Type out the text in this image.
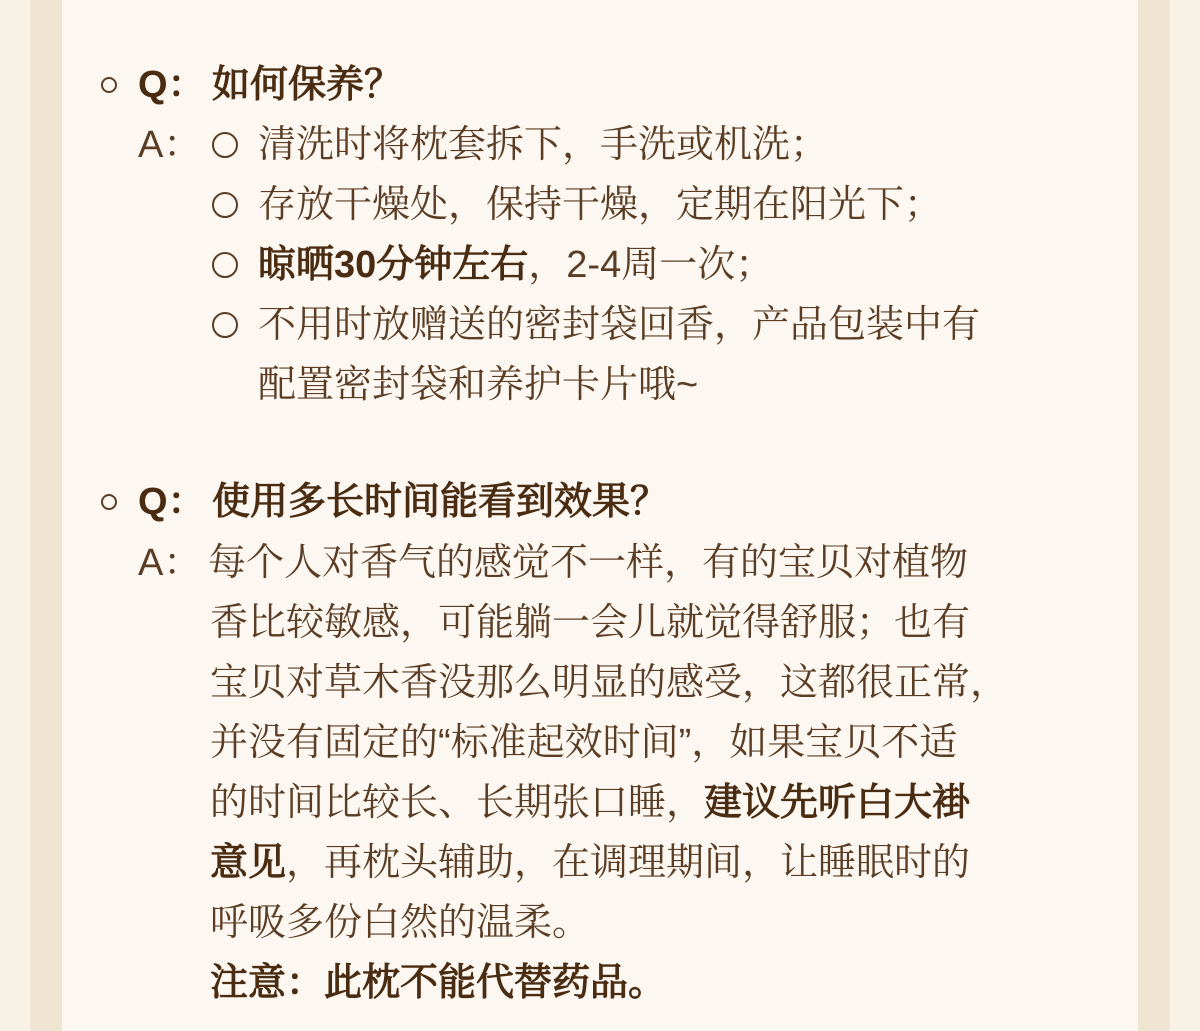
Q： 如何保养？
A： 清洗时将枕套拆下，手洗或机洗；
存放干燥处，保持干燥，定期在阳光下；
晾晒30分钟左右，2-4周一次；
不用时放赠送的密封袋回香，产品包装中有
配置密封袋和养护卡片哦~
Q： 使用多长时间能看到效果？
A： 每个人对香气的感觉不一样，有的宝贝对植物
香比较敏感，可能躺一会儿就觉得舒服；也有
宝贝对草木香没那么明显的感受，这都很正常，
并没有固定的“标准起效时间”，如果宝贝不适
的时间比较长、长期张口睡，建议先听白大褂
意见，再枕头辅助，在调理期间，让睡眠时的
呼吸多份白然的温柔。
注意：此枕不能代替药品。
